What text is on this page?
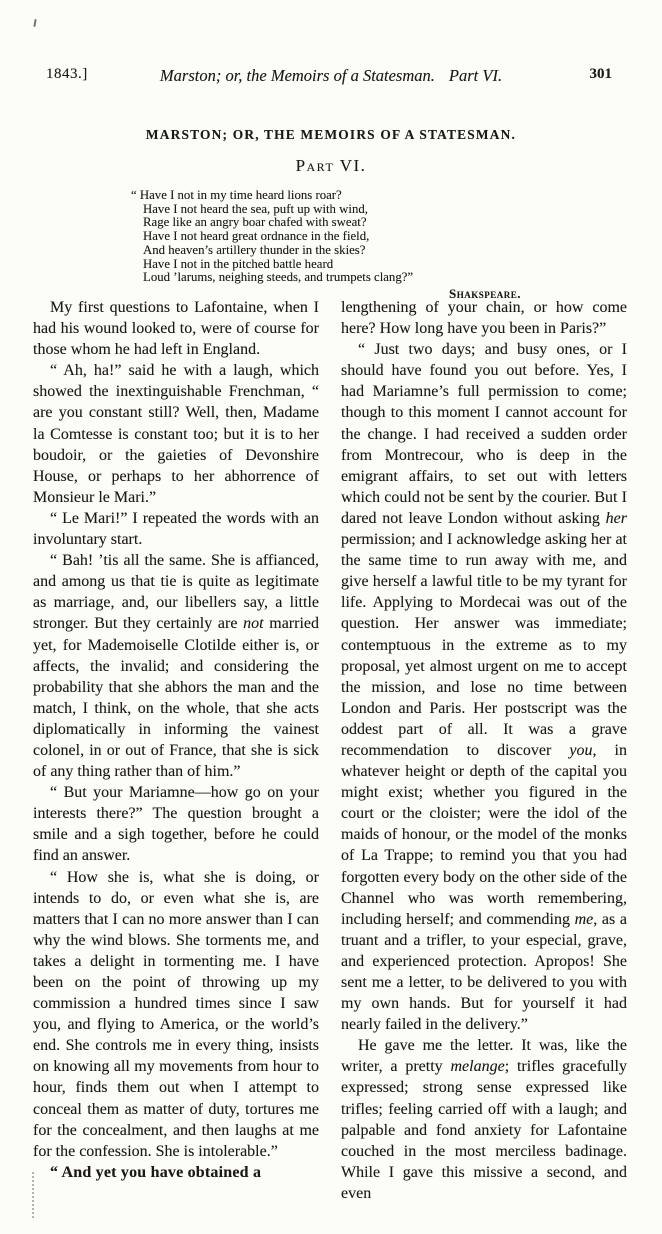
1843.]	Marston; or, the Memoirs of a Statesman. Part VI.	301
MARSTON; OR, THE MEMOIRS OF A STATESMAN.
Part VI.
“ Have I not in my time heard lions roar?
Have I not heard the sea, puft up with wind,
Rage like an angry boar chafed with sweat?
Have I not heard great ordnance in the field,
And heaven’s artillery thunder in the skies?
Have I not in the pitched battle heard
Loud ’larums, neighing steeds, and trumpets clang?”
Shakspeare.

My first questions to Lafontaine, when I had his wound looked to, were of course for those whom he had left in England.

“ Ah, ha!” said he with a laugh, which showed the inextinguishable Frenchman, “ are you constant still? Well, then, Madame la Comtesse is constant too; but it is to her boudoir, or the gaieties of Devonshire House, or perhaps to her abhorrence of Monsieur le Mari.”

“ Le Mari!” I repeated the words with an involuntary start.

“ Bah! ’tis all the same. She is affianced, and among us that tie is quite as legitimate as marriage, and, our libellers say, a little stronger. But they certainly are not married yet, for Mademoiselle Clotilde either is, or affects, the invalid; and considering the probability that she abhors the man and the match, I think, on the whole, that she acts diplomatically in informing the vainest colonel, in or out of France, that she is sick of any thing rather than of him.”

“ But your Mariamne—how go on your interests there?” The question brought a smile and a sigh together, before he could find an answer.

“ How she is, what she is doing, or intends to do, or even what she is, are matters that I can no more answer than I can why the wind blows. She torments me, and takes a delight in tormenting me. I have been on the point of throwing up my commission a hundred times since I saw you, and flying to America, or the world’s end. She controls me in every thing, insists on knowing all my movements from hour to hour, finds them out when I attempt to conceal them as matter of duty, tortures me for the concealment, and then laughs at me for the confession. She is intolerable.”

“ And yet you have obtained a

lengthening of your chain, or how come here? How long have you been in Paris?”

“ Just two days; and busy ones, or I should have found you out before. Yes, I had Mariamne’s full permission to come; though to this moment I cannot account for the change. I had received a sudden order from Montrecour, who is deep in the emigrant affairs, to set out with letters which could not be sent by the courier. But I dared not leave London without asking her permission; and I acknowledge asking her at the same time to run away with me, and give herself a lawful title to be my tyrant for life. Applying to Mordecai was out of the question. Her answer was immediate; contemptuous in the extreme as to my proposal, yet almost urgent on me to accept the mission, and lose no time between London and Paris. Her postscript was the oddest part of all. It was a grave recommendation to discover you, in whatever height or depth of the capital you might exist; whether you figured in the court or the cloister; were the idol of the maids of honour, or the model of the monks of La Trappe; to remind you that you had forgotten every body on the other side of the Channel who was worth remembering, including herself; and commending me, as a truant and a trifler, to your especial, grave, and experienced protection. Apropos! She sent me a letter, to be delivered to you with my own hands. But for yourself it had nearly failed in the delivery.”

He gave me the letter. It was, like the writer, a pretty melange; trifles gracefully expressed; strong sense expressed like trifles; feeling carried off with a laugh; and palpable and fond anxiety for Lafontaine couched in the most merciless badinage. While I gave this missive a second, and even
